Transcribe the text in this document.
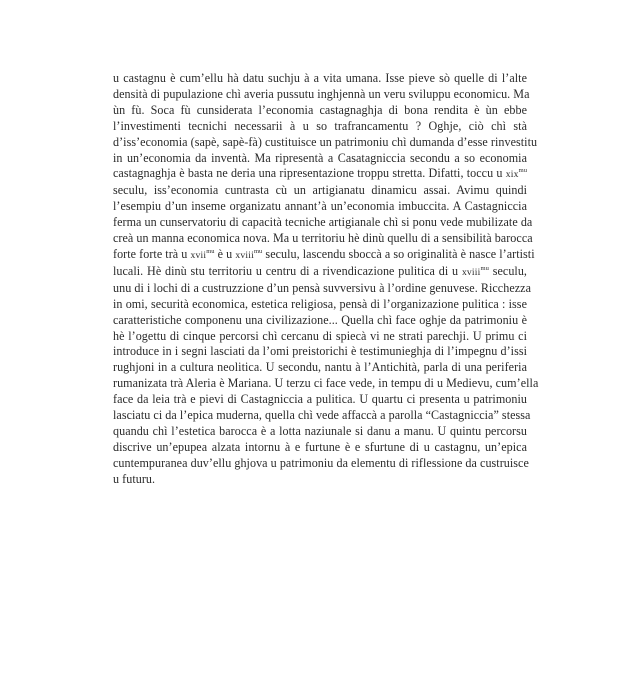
u castagnu è cum’ellu hà datu suchju à a vita umana. Isse pieve sò quelle di l’alte
densità di pupulazione chì averia pussutu inghjennà un veru sviluppu economicu. Ma
ùn fù. Soca fù cunsiderata l’economia castagnaghja di bona rendita è ùn ebbe
l’investimenti tecnichi necessarii à u so trafrancamentu ? Oghje, ciò chì stà
d’iss’economia (sapè, sapè-fà) custituisce un patrimoniu chì dumanda d’esse rinvestitu
in un’economia da inventà. Ma ripresentà a Casatagniccia secondu a so economia
castagnaghja è basta ne deria una ripresentazione troppu stretta. Difatti, toccu u xix$^{mu}$
seculu, iss’economia cuntrasta cù un artigianatu dinamicu assai. Avimu quindi
l’esempiu d’un inseme organizatu annant’à un’economia imbuccita. A Castagniccia
ferma un cunservatoriu di capacità tecniche artigianale chì si ponu vede mubilizate da
creà un manna economica nova. Ma u territoriu hè dinù quellu di a sensibilità barocca
forte forte trà u xvii$^{mu}$ è u xviii$^{mu}$ seculu, lascendu sboccà a so originalità è nasce l’artisti
lucali. Hè dinù stu territoriu u centru di a rivendicazione pulitica di u xviii$^{mu}$ seculu,
unu di i lochi di a custruzzione d’un pensà suvversivu à l’ordine genuvese. Ricchezza
in omi, securità economica, estetica religiosa, pensà di l’organizazione pulitica : isse
caratteristiche componenu una civilizazione... Quella chì face oghje da patrimoniu è
hè l’ogettu di cinque percorsi chì cercanu di spiecà vi ne strati parechji. U primu ci
introduce in i segni lasciati da l’omi preistorichi è testimunieghja di l’impegnu d’issi
rughjoni in a cultura neolitica. U secondu, nantu à l’Antichità, parla di una periferia
rumanizata trà Aleria è Mariana. U terzu ci face vede, in tempu di u Medievu, cum’ella
face da leia trà e pievi di Castagniccia a pulitica. U quartu ci presenta u patrimoniu
lasciatu ci da l’epica muderna, quella chì vede affaccà a parolla “Castagniccia” stessa
quandu chì l’estetica barocca è a lotta naziunale si danu a manu. U quintu percorsu
discrive un’epupea alzata intornu à e furtune è e sfurtune di u castagnu, un’epica
cuntempuranea duv’ellu ghjova u patrimoniu da elementu di riflessione da custruisce
u futuru.
